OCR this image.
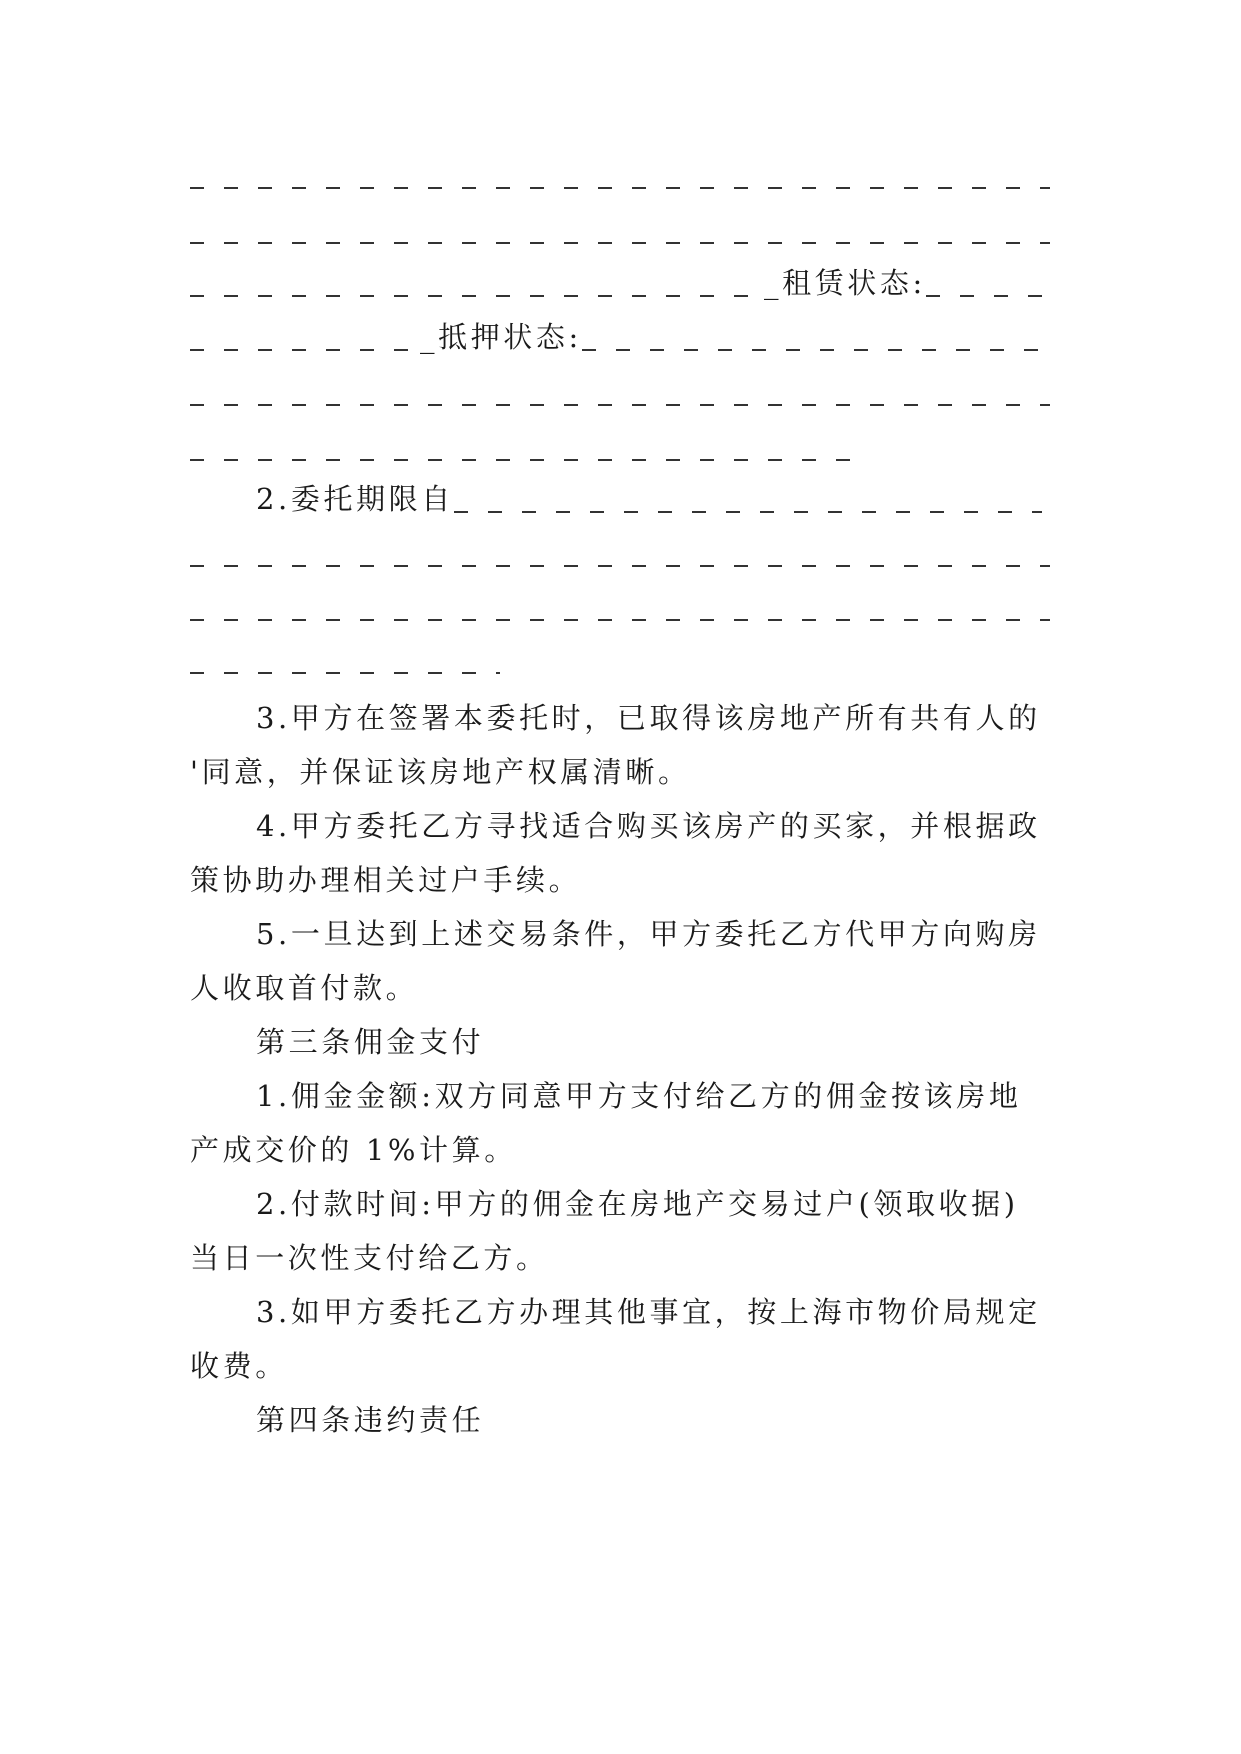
_租赁状态:
_抵押状态:
2.委托期限自
3.甲方在签署本委托时，已取得该房地产所有共有人的
'同意，并保证该房地产权属清晰。
4.甲方委托乙方寻找适合购买该房产的买家，并根据政
策协助办理相关过户手续。
5.一旦达到上述交易条件，甲方委托乙方代甲方向购房
人收取首付款。
第三条佣金支付
1.佣金金额:双方同意甲方支付给乙方的佣金按该房地
产成交价的 1%计算。
2.付款时间:甲方的佣金在房地产交易过户(领取收据)
当日一次性支付给乙方。
3.如甲方委托乙方办理其他事宜，按上海市物价局规定
收费。
第四条违约责任
